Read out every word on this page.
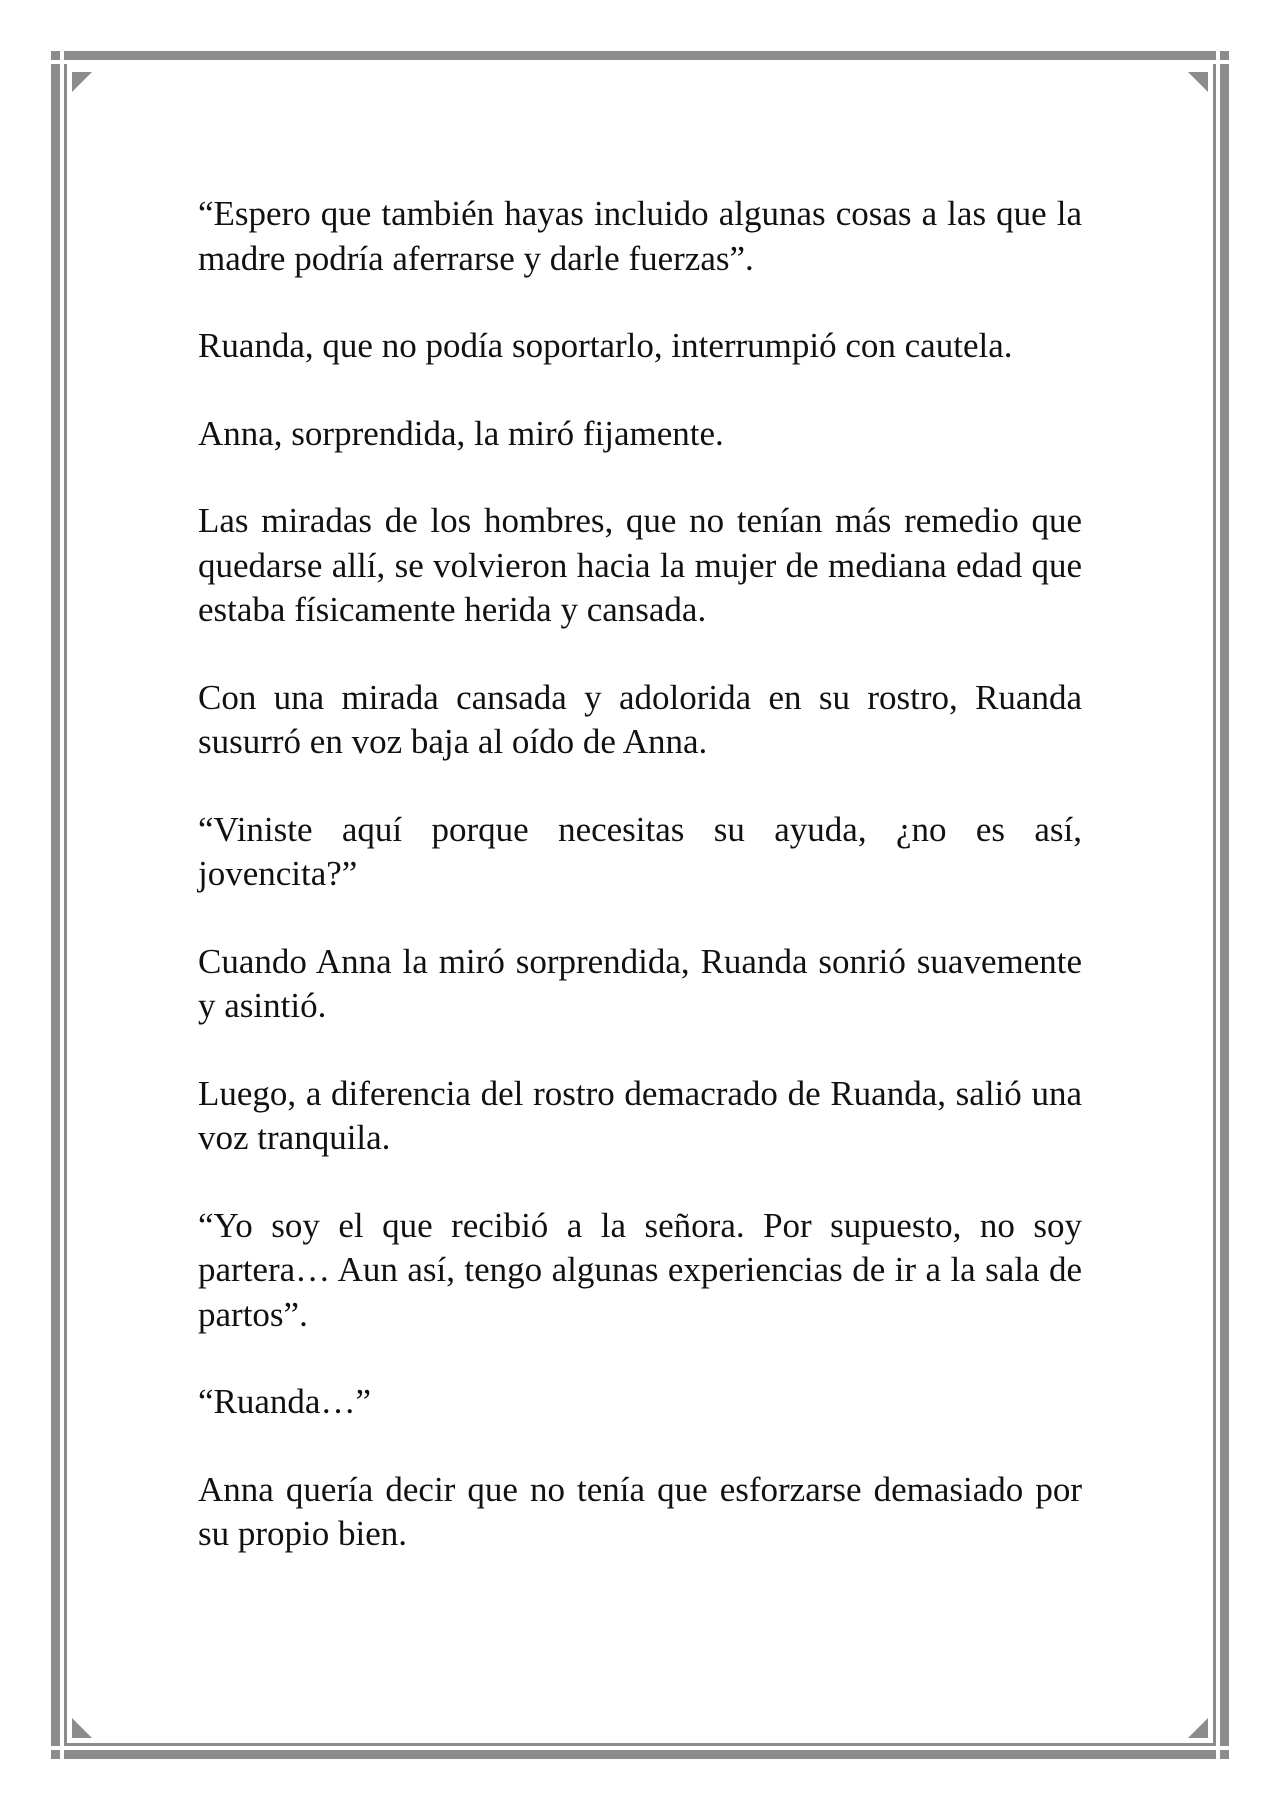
“Espero que también hayas incluido algunas cosas a las que la madre podría aferrarse y darle fuerzas”.

Ruanda, que no podía soportarlo, interrumpió con cautela.

Anna, sorprendida, la miró fijamente.

Las miradas de los hombres, que no tenían más remedio que quedarse allí, se volvieron hacia la mujer de mediana edad que estaba físicamente herida y cansada.

Con una mirada cansada y adolorida en su rostro, Ruanda susurró en voz baja al oído de Anna.

“Viniste aquí porque necesitas su ayuda, ¿no es así, jovencita?”

Cuando Anna la miró sorprendida, Ruanda sonrió suavemente y asintió.

Luego, a diferencia del rostro demacrado de Ruanda, salió una voz tranquila.

“Yo soy el que recibió a la señora. Por supuesto, no soy partera… Aun así, tengo algunas experiencias de ir a la sala de partos”.

“Ruanda…”

Anna quería decir que no tenía que esforzarse demasiado por su propio bien.
